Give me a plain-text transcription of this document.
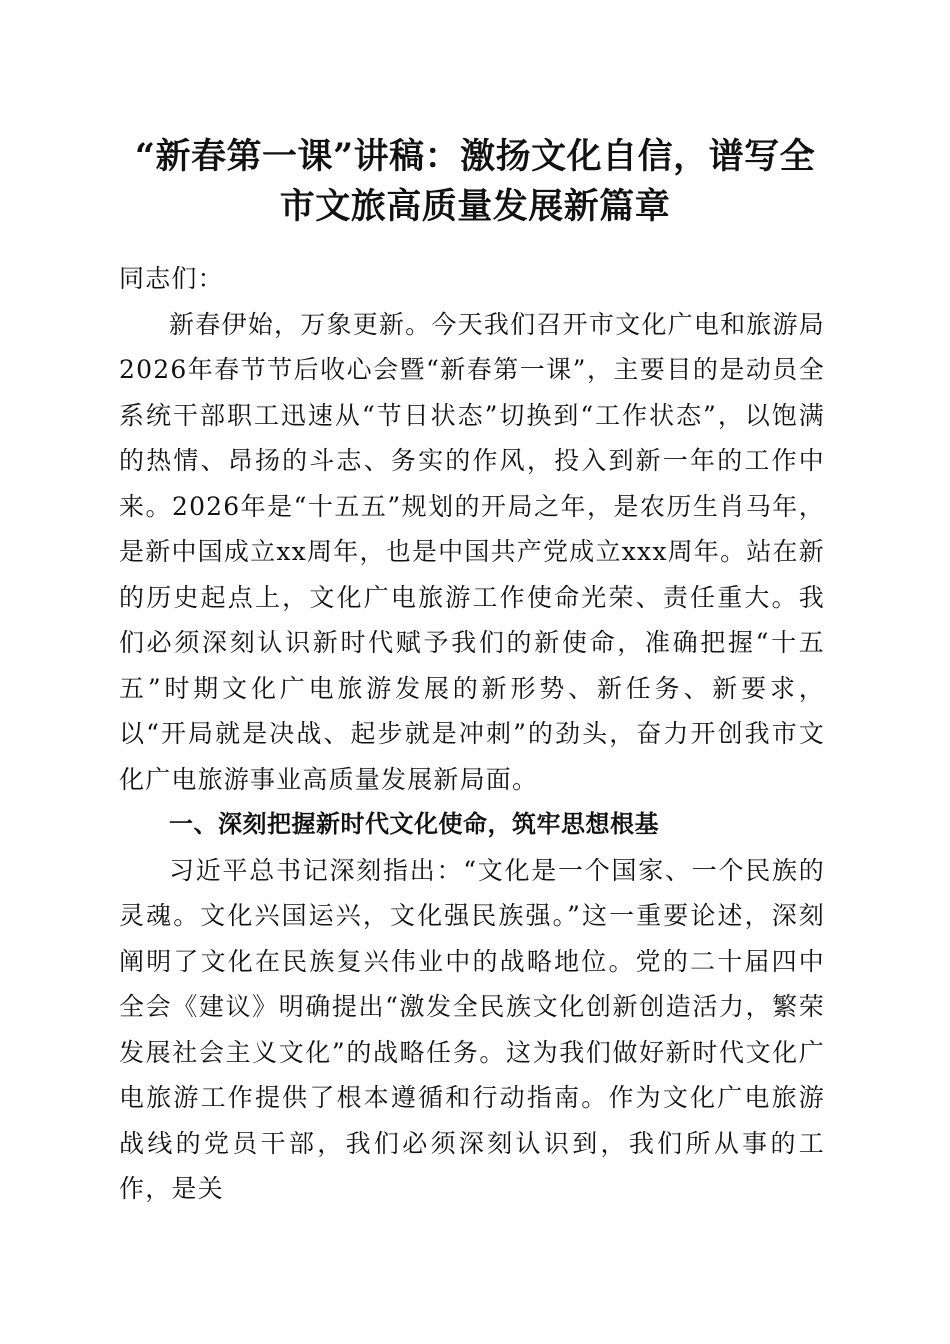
“新春第一课”讲稿：激扬文化自信，谱写全
市文旅高质量发展新篇章

同志们：

新春伊始，万象更新。今天我们召开市文化广电和旅游局2026年春节节后收心会暨“新春第一课”，主要目的是动员全系统干部职工迅速从“节日状态”切换到“工作状态”，以饱满的热情、昂扬的斗志、务实的作风，投入到新一年的工作中来。2026年是“十五五”规划的开局之年，是农历生肖马年，是新中国成立xx周年，也是中国共产党成立xxx周年。站在新的历史起点上，文化广电旅游工作使命光荣、责任重大。我们必须深刻认识新时代赋予我们的新使命，准确把握“十五五”时期文化广电旅游发展的新形势、新任务、新要求，以“开局就是决战、起步就是冲刺”的劲头，奋力开创我市文化广电旅游事业高质量发展新局面。

一、深刻把握新时代文化使命，筑牢思想根基

习近平总书记深刻指出：“文化是一个国家、一个民族的灵魂。文化兴国运兴，文化强民族强。”这一重要论述，深刻阐明了文化在民族复兴伟业中的战略地位。党的二十届四中全会《建议》明确提出“激发全民族文化创新创造活力，繁荣发展社会主义文化”的战略任务。这为我们做好新时代文化广电旅游工作提供了根本遵循和行动指南。作为文化广电旅游战线的党员干部，我们必须深刻认识到，我们所从事的工作，是关
